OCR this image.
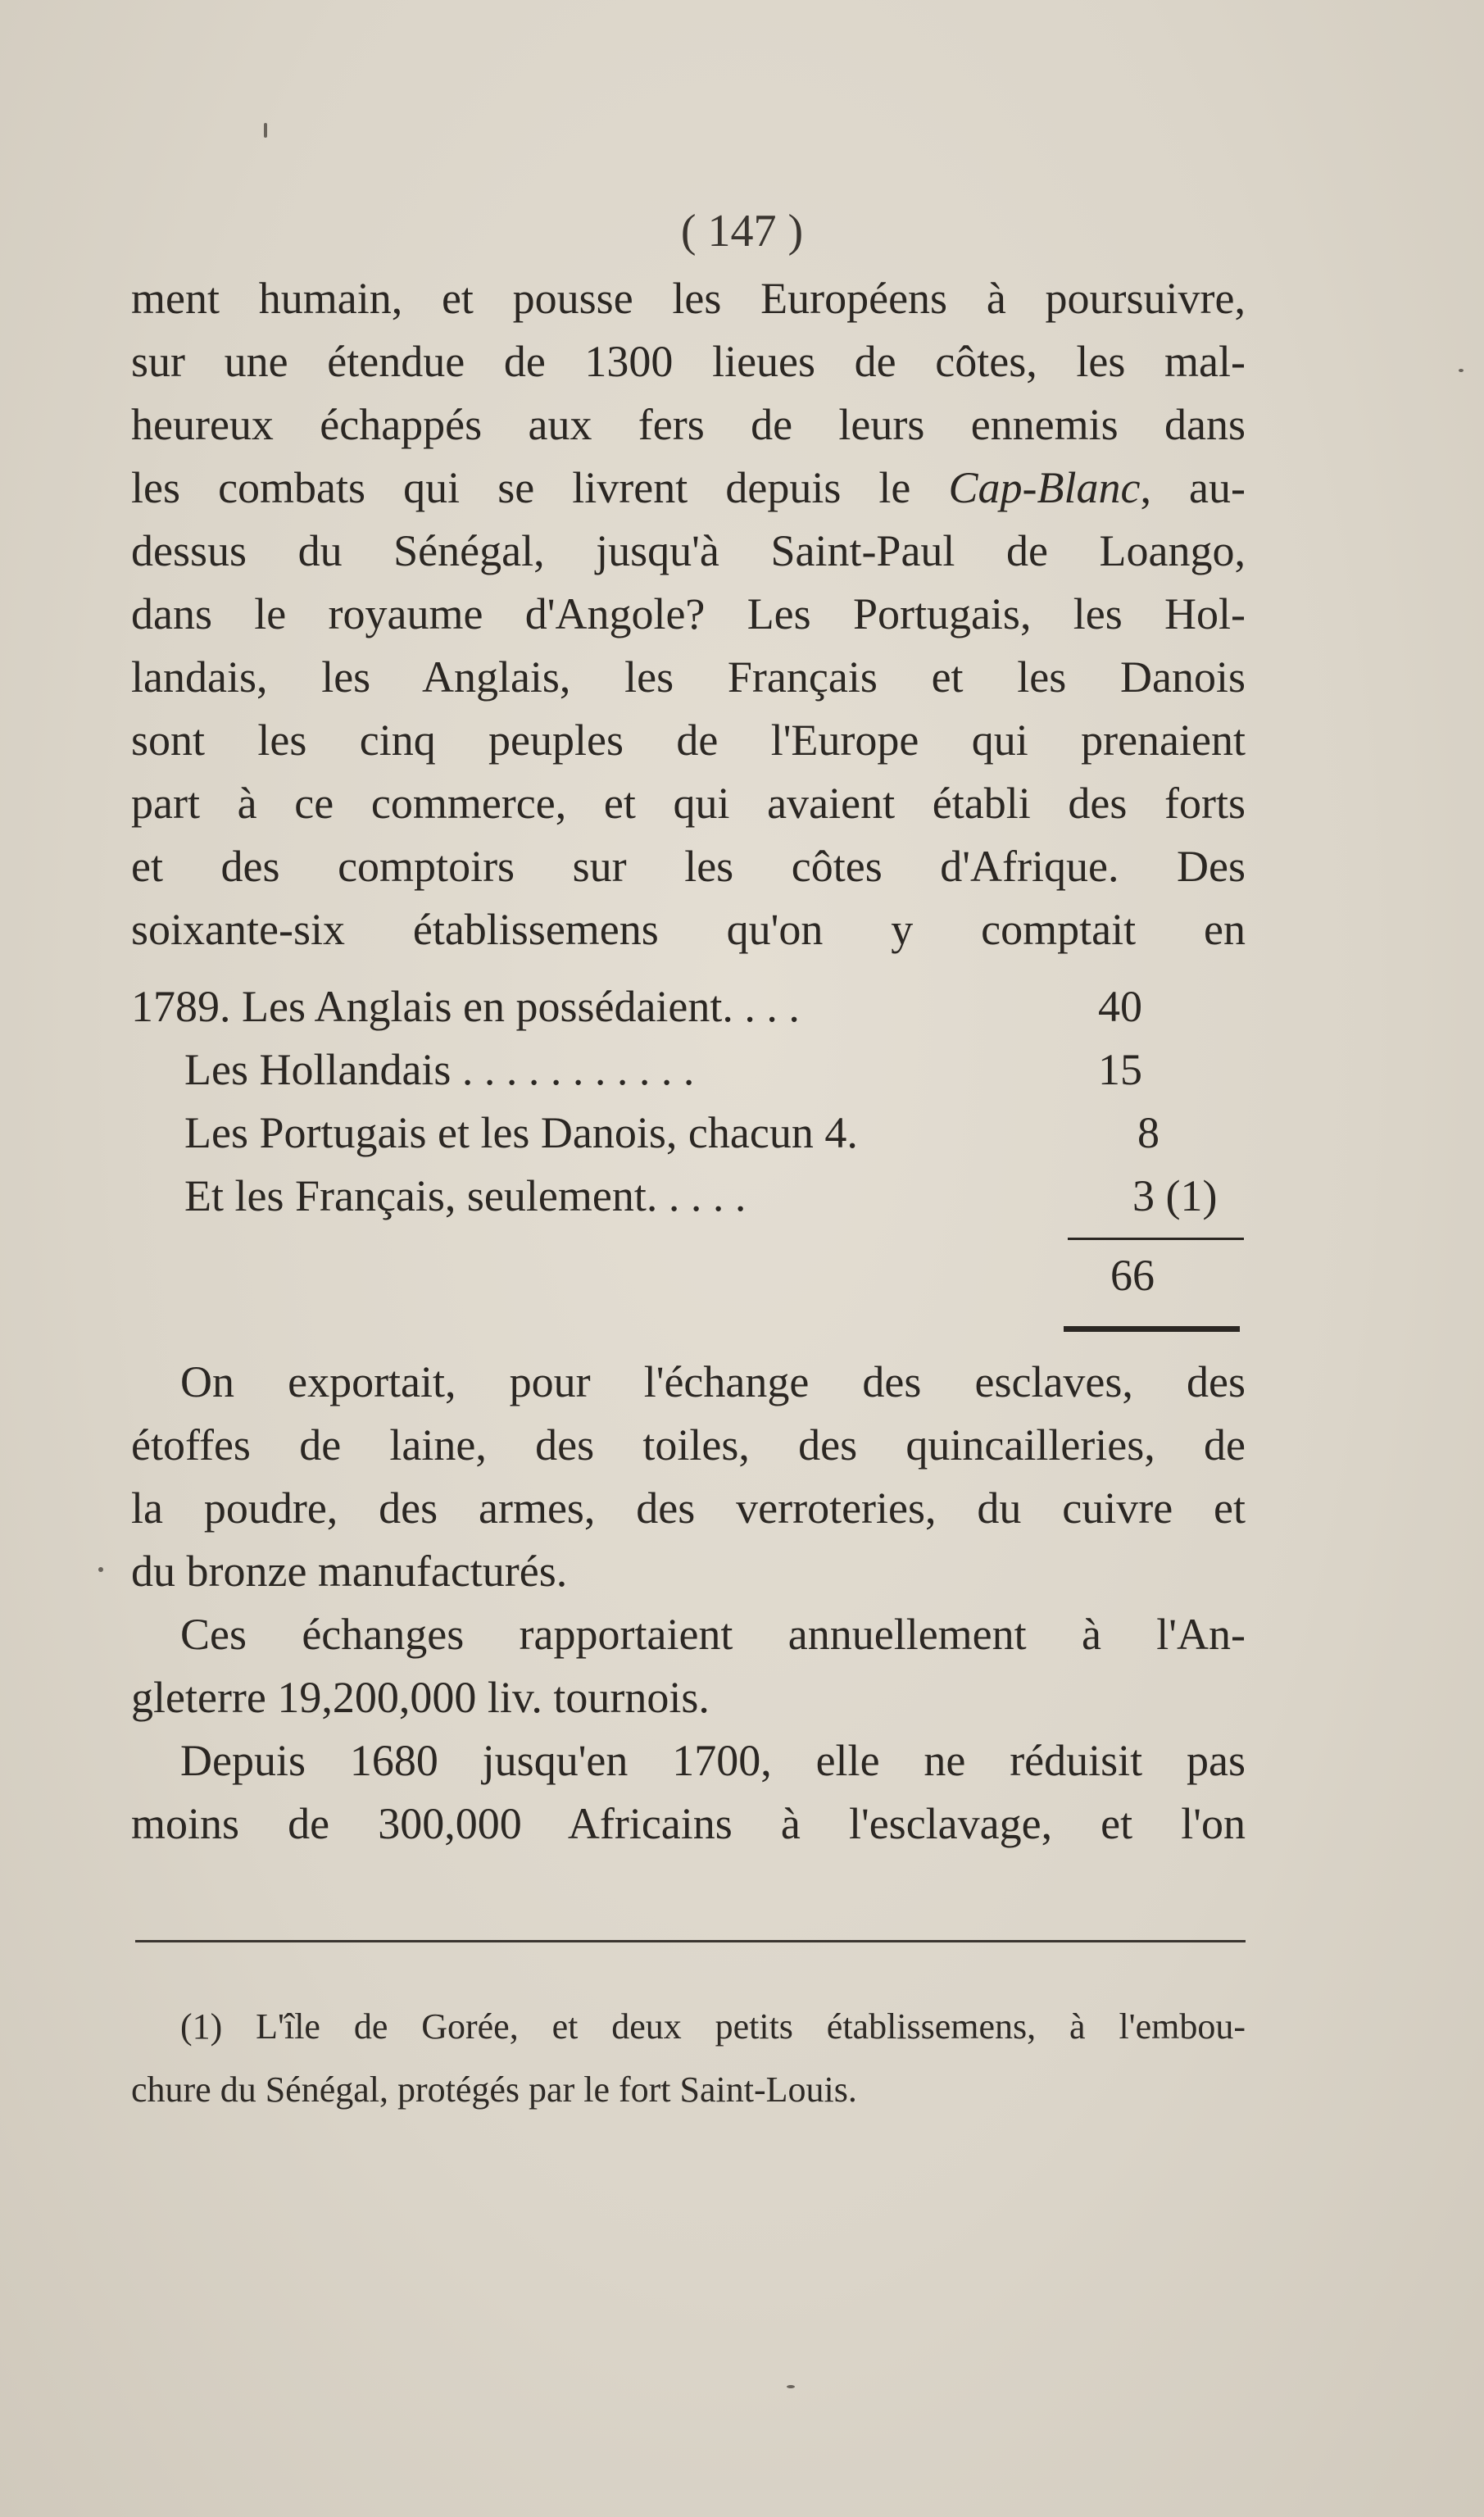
( 147 )
ment humain, et pousse les Européens à poursuivre,
sur une étendue de 1300 lieues de côtes, les mal-
heureux échappés aux fers de leurs ennemis dans
les combats qui se livrent depuis le Cap-Blanc, au-
dessus du Sénégal, jusqu'à Saint-Paul de Loango,
dans le royaume d'Angole? Les Portugais, les Hol-
landais, les Anglais, les Français et les Danois
sont les cinq peuples de l'Europe qui prenaient
part à ce commerce, et qui avaient établi des forts
et des comptoirs sur les côtes d'Afrique. Des
soixante-six établissemens qu'on y comptait en
1789. Les Anglais en possédaient. . . .	40
Les Hollandais . . . . . . . . . . .	15
Les Portugais et les Danois, chacun 4.	8
Et les Français, seulement. . . . .	3 (1)
66
On exportait, pour l'échange des esclaves, des
étoffes de laine, des toiles, des quincailleries, de
la poudre, des armes, des verroteries, du cuivre et
du bronze manufacturés.
Ces échanges rapportaient annuellement à l'An-
gleterre 19,200,000 liv. tournois.
Depuis 1680 jusqu'en 1700, elle ne réduisit pas
moins de 300,000 Africains à l'esclavage, et l'on
(1) L'île de Gorée, et deux petits établissemens, à l'embou-
chure du Sénégal, protégés par le fort Saint-Louis.
